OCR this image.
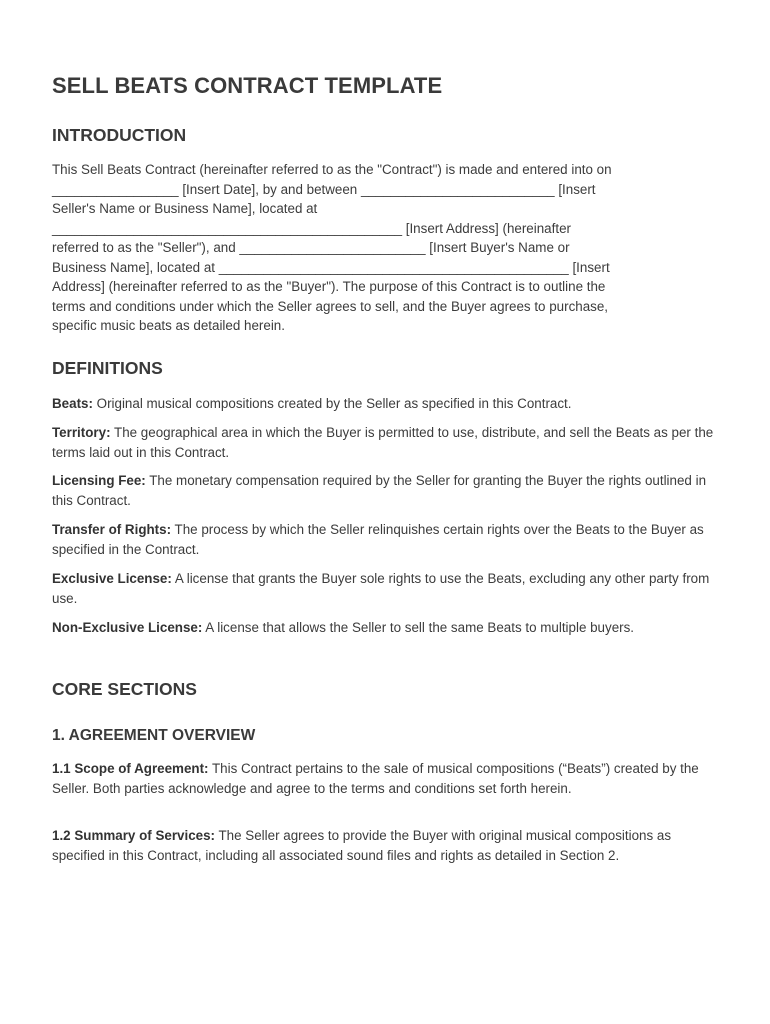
SELL BEATS CONTRACT TEMPLATE
INTRODUCTION

This Sell Beats Contract (hereinafter referred to as the "Contract") is made and entered into on

_________________ [Insert Date], by and between __________________________ [Insert

Seller's Name or Business Name], located at

_______________________________________________ [Insert Address] (hereinafter

referred to as the "Seller"), and _________________________ [Insert Buyer's Name or

Business Name], located at _______________________________________________ [Insert

Address] (hereinafter referred to as the "Buyer"). The purpose of this Contract is to outline the

terms and conditions under which the Seller agrees to sell, and the Buyer agrees to purchase,

specific music beats as detailed herein.

DEFINITIONS

Beats: Original musical compositions created by the Seller as specified in this Contract.

Territory: The geographical area in which the Buyer is permitted to use, distribute, and sell the Beats as per the terms laid out in this Contract.

Licensing Fee: The monetary compensation required by the Seller for granting the Buyer the rights outlined in this Contract.

Transfer of Rights: The process by which the Seller relinquishes certain rights over the Beats to the Buyer as specified in the Contract.

Exclusive License: A license that grants the Buyer sole rights to use the Beats, excluding any other party from use.

Non-Exclusive License: A license that allows the Seller to sell the same Beats to multiple buyers.

CORE SECTIONS
1. AGREEMENT OVERVIEW

1.1 Scope of Agreement: This Contract pertains to the sale of musical compositions (“Beats”) created by the Seller. Both parties acknowledge and agree to the terms and conditions set forth herein.

1.2 Summary of Services: The Seller agrees to provide the Buyer with original musical compositions as specified in this Contract, including all associated sound files and rights as detailed in Section 2.
